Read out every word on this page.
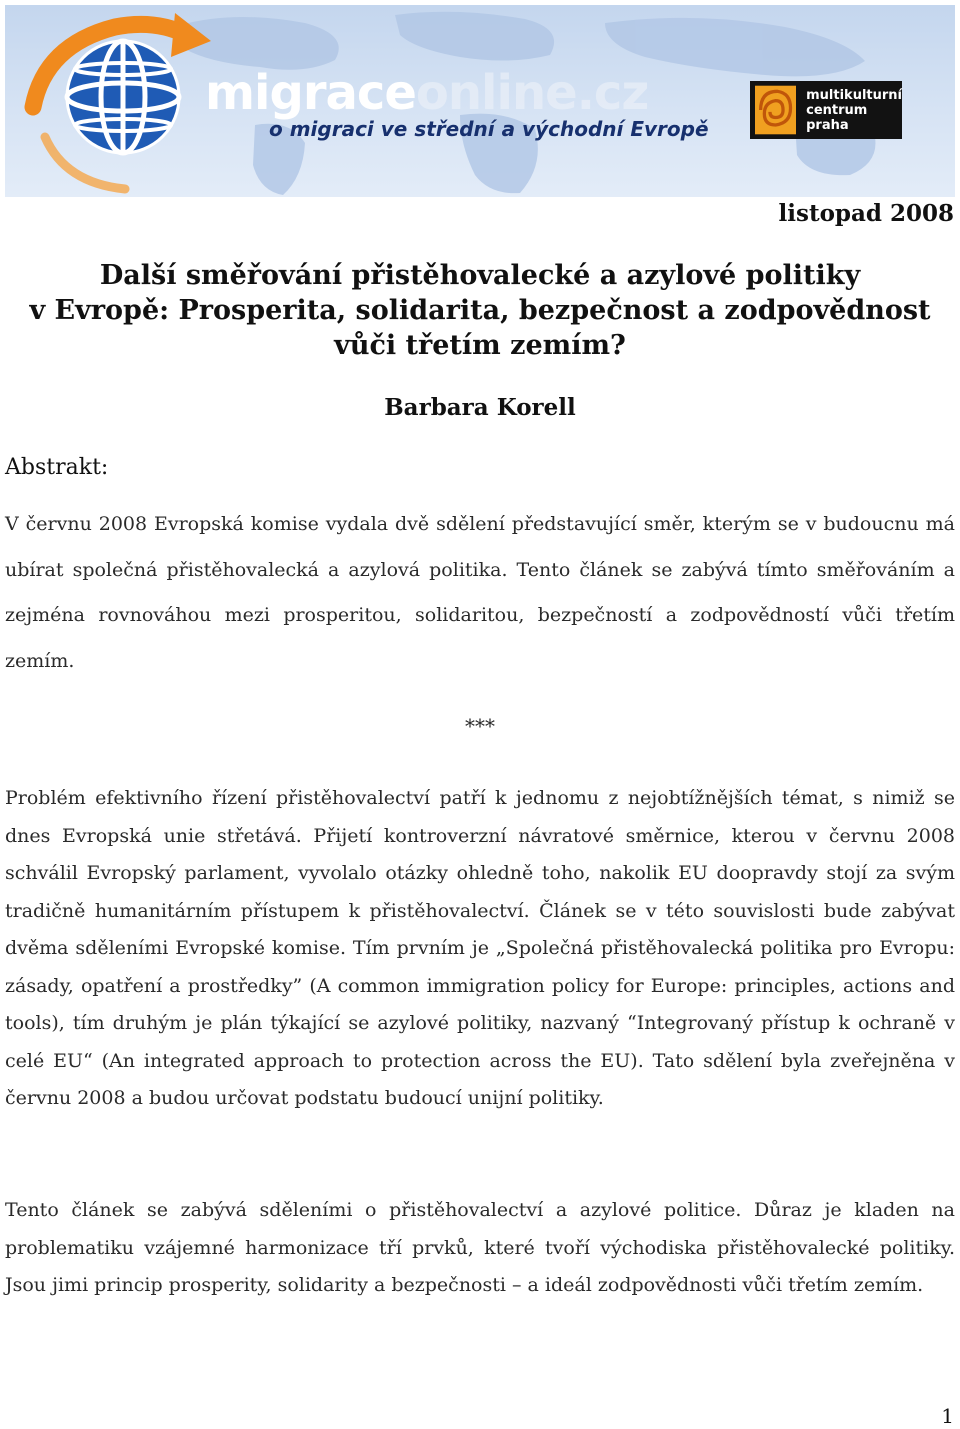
migraceonline.cz
o migraci ve střední a východní Evropě
multikulturní
centrum
praha
listopad 2008
Další směřování přistěhovalecké a azylové politiky
v Evropě: Prosperita, solidarita, bezpečnost a zodpovědnost
vůči třetím zemím?
Barbara Korell
Abstrakt:

V červnu 2008 Evropská komise vydala dvě sdělení představující směr, kterým se v budoucnu má ubírat společná přistěhovalecká a azylová politika. Tento článek se zabývá tímto směřováním a zejména rovnováhou mezi prosperitou, solidaritou, bezpečností a zodpovědností vůči třetím zemím.

***

Problém efektivního řízení přistěhovalectví patří k jednomu z nejobtížnějších témat, s nimiž se dnes Evropská unie střetává. Přijetí kontroverzní návratové směrnice, kterou v červnu 2008 schválil Evropský parlament, vyvolalo otázky ohledně toho, nakolik EU doopravdy stojí za svým tradičně humanitárním přístupem k přistěhovalectví. Článek se v této souvislosti bude zabývat dvěma sděleními Evropské komise. Tím prvním je „Společná přistěhovalecká politika pro Evropu: zásady, opatření a prostředky” (A common immigration policy for Europe: principles, actions and tools), tím druhým je plán týkající se azylové politiky, nazvaný “Integrovaný přístup k ochraně v celé EU“ (An integrated approach to protection across the EU). Tato sdělení byla zveřejněna v červnu 2008 a budou určovat podstatu budoucí unijní politiky.

Tento článek se zabývá sděleními o přistěhovalectví a azylové politice. Důraz je kladen na problematiku vzájemné harmonizace tří prvků, které tvoří východiska přistěhovalecké politiky. Jsou jimi princip prosperity, solidarity a bezpečnosti – a ideál zodpovědnosti vůči třetím zemím.

1
